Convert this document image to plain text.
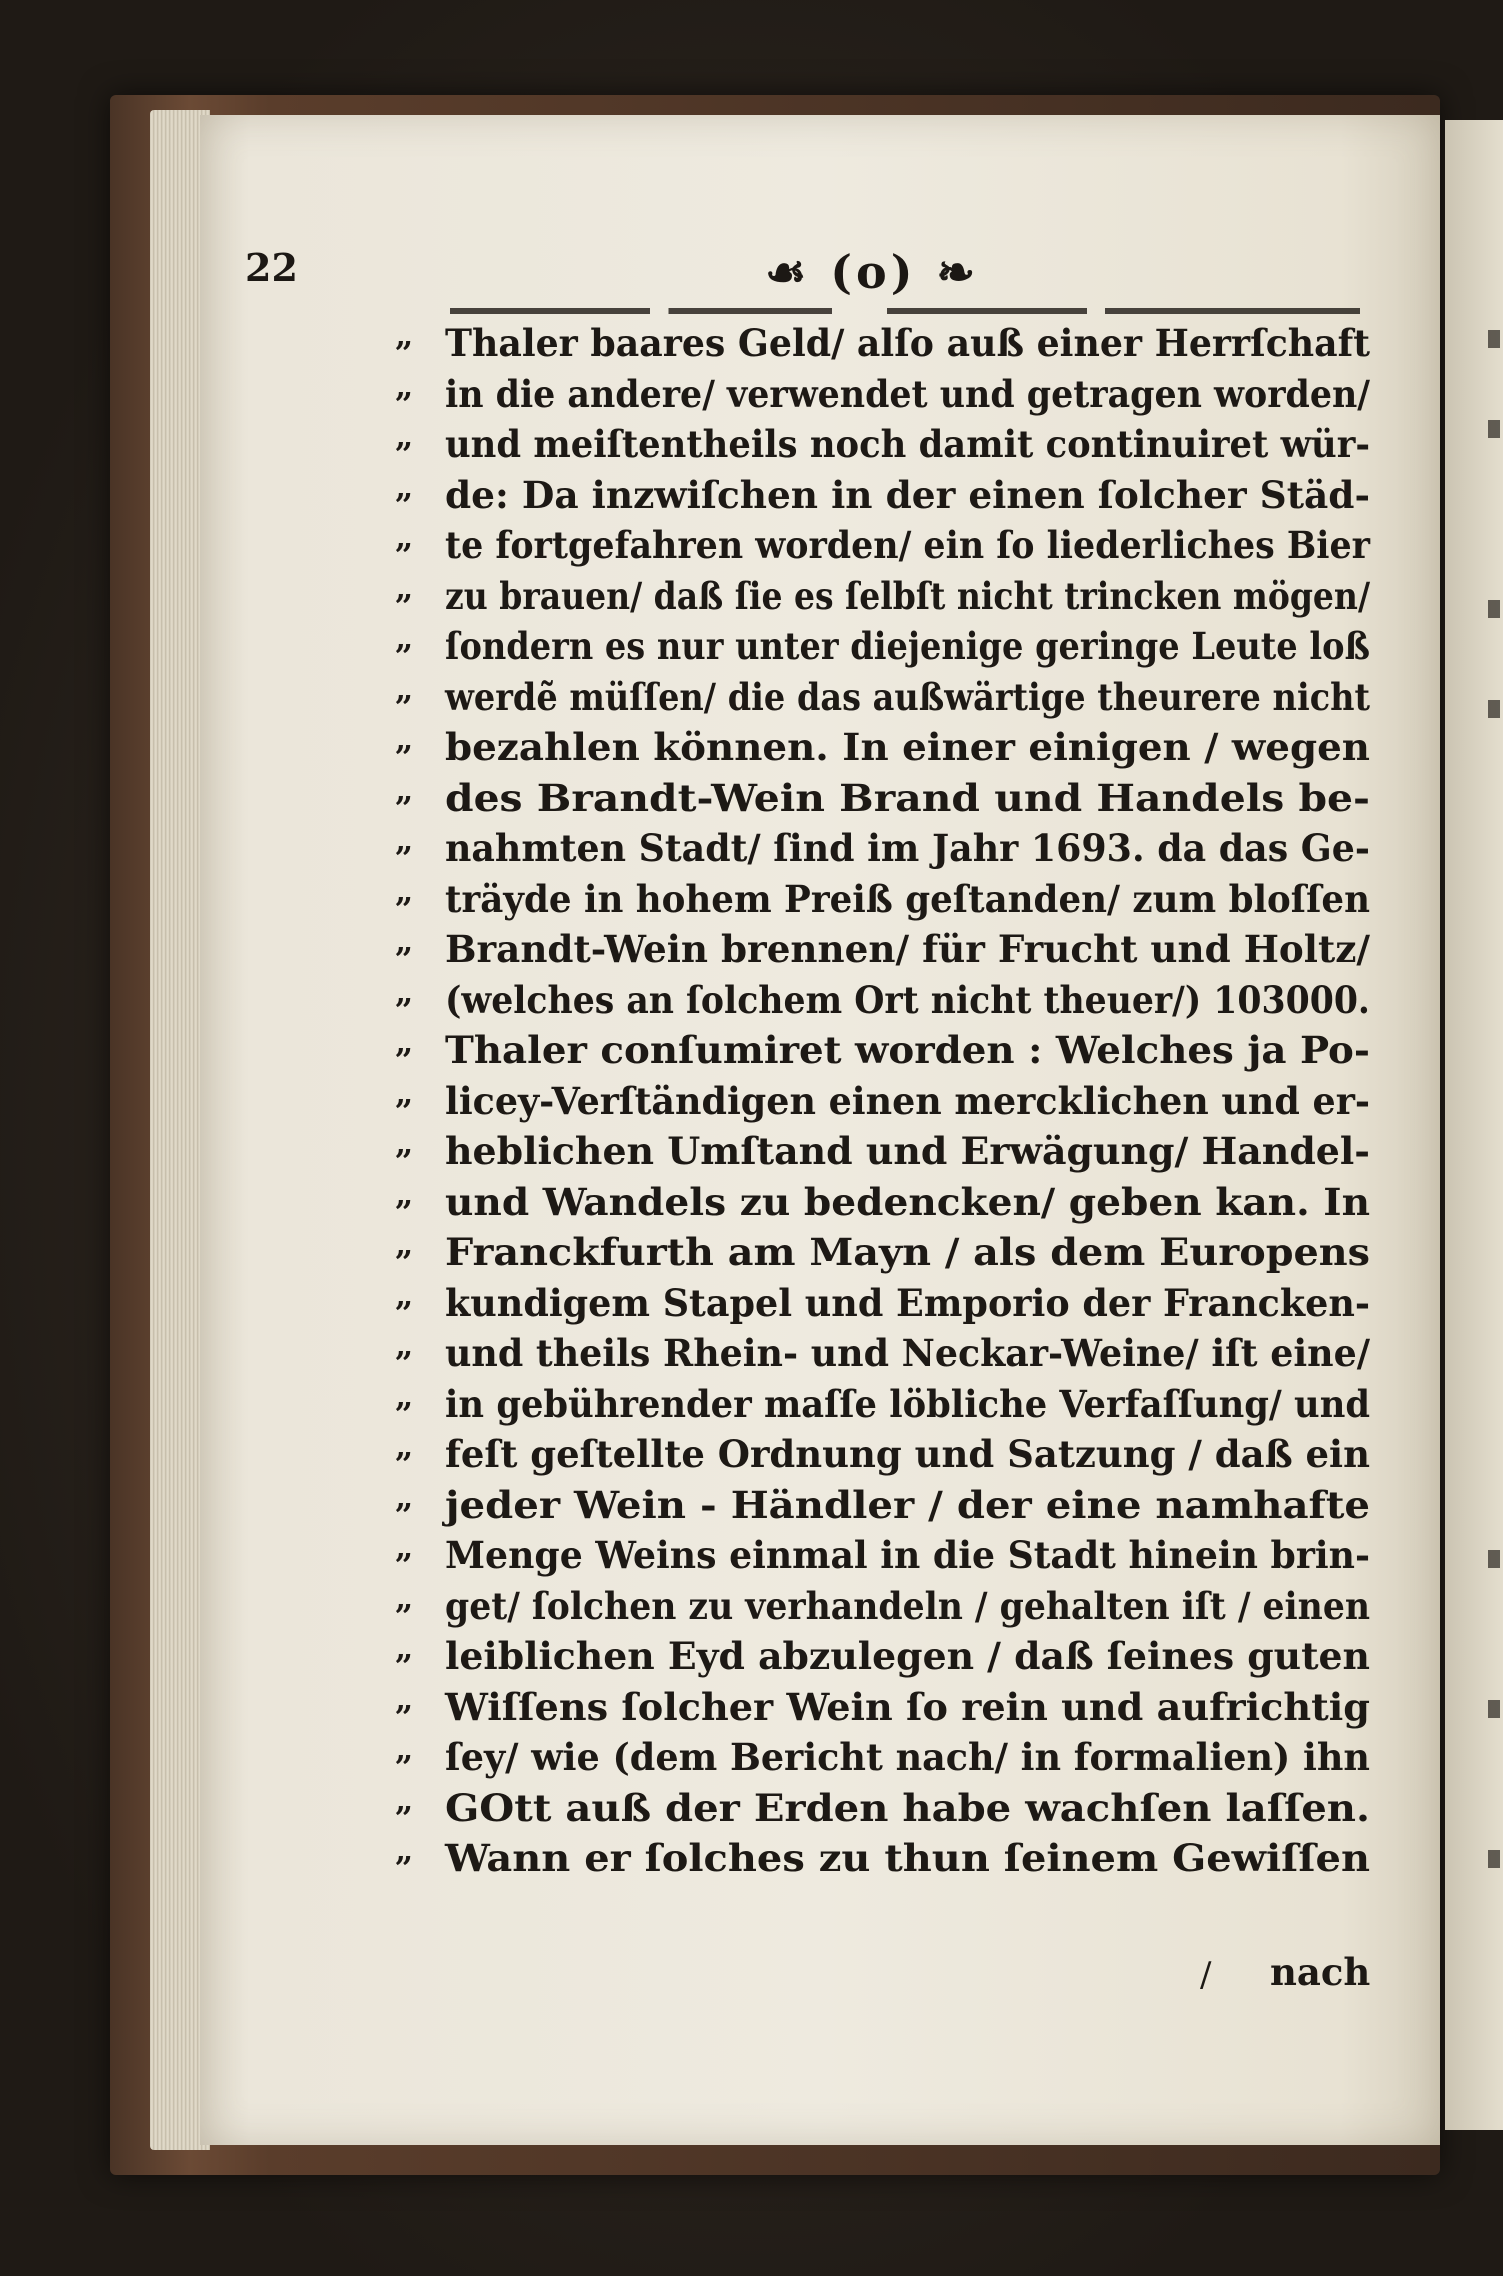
22	☙ (o) ❧
„ Thaler baares Geld/ alſo auß einer Herrſchaft
„ in die andere/ verwendet und getragen worden/
„ und meiſtentheils noch damit continuiret wür-
„ de: Da inzwiſchen in der einen ſolcher Städ-
„ te fortgefahren worden/ ein ſo liederliches Bier
„ zu brauen/ daß ſie es ſelbſt nicht trincken mögen/
„ ſondern es nur unter diejenige geringe Leute loß
„ werdẽ müſſen/ die das außwärtige theurere nicht
„ bezahlen können. In einer einigen / wegen
„ des Brandt-Wein Brand und Handels be-
„ nahmten Stadt/ ſind im Jahr 1693. da das Ge-
„ träyde in hohem Preiß geſtanden/ zum bloſſen
„ Brandt-Wein brennen/ für Frucht und Holtz/
„ (welches an ſolchem Ort nicht theuer/) 103000.
„ Thaler conſumiret worden : Welches ja Po-
„ licey-Verſtändigen einen mercklichen und er-
„ heblichen Umſtand und Erwägung/ Handel-
„ und Wandels zu bedencken/ geben kan. In
„ Franckfurth am Mayn / als dem Europens
„ kundigem Stapel und Emporio der Francken-
„ und theils Rhein- und Neckar-Weine/ iſt eine/
„ in gebührender maſſe löbliche Verfaſſung/ und
„ feſt geſtellte Ordnung und Satzung / daß ein
„ jeder Wein - Händler / der eine namhafte
„ Menge Weins einmal in die Stadt hinein brin-
„ get/ ſolchen zu verhandeln / gehalten iſt / einen
„ leiblichen Eyd abzulegen / daß ſeines guten
„ Wiſſens ſolcher Wein ſo rein und aufrichtig
„ ſey/ wie (dem Bericht nach/ in formalien) ihn
„ GOtt auß der Erden habe wachſen laſſen.
„ Wann er ſolches zu thun ſeinem Gewiſſen
/ nach
